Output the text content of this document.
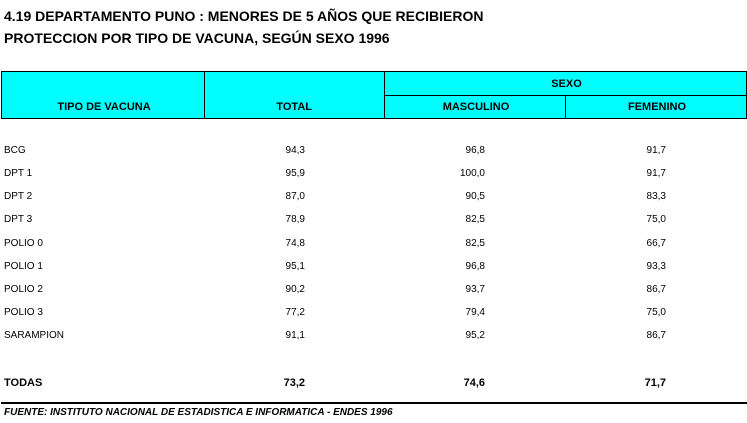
4.19 DEPARTAMENTO PUNO : MENORES DE 5 AÑOS QUE RECIBIERON
PROTECCION POR TIPO DE VACUNA, SEGÚN SEXO 1996
TIPO DE VACUNA	TOTAL
SEXO
MASCULINO	FEMENINO
BCG	94,3	96,8	91,7
DPT 1	95,9	100,0	91,7
DPT 2	87,0	90,5	83,3
DPT 3	78,9	82,5	75,0
POLIO 0	74,8	82,5	66,7
POLIO 1	95,1	96,8	93,3
POLIO 2	90,2	93,7	86,7
POLIO 3	77,2	79,4	75,0
SARAMPION	91,1	95,2	86,7
TODAS	73,2	74,6	71,7
FUENTE: INSTITUTO NACIONAL DE ESTADISTICA E INFORMATICA - ENDES 1996
